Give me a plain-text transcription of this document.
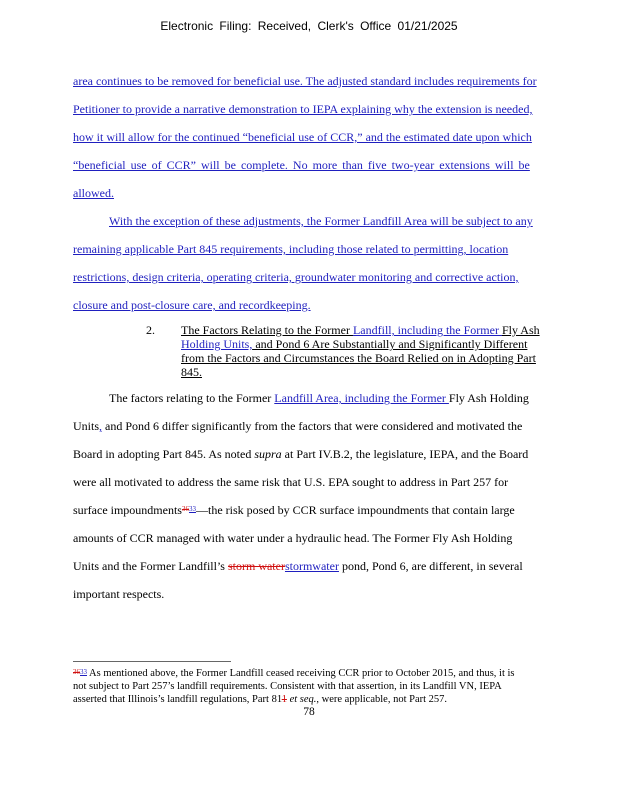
Electronic Filing: Received, Clerk's Office 01/21/2025
area continues to be removed for beneficial use. The adjusted standard includes requirements for
Petitioner to provide a narrative demonstration to IEPA explaining why the extension is needed,
how it will allow for the continued “beneficial use of CCR,” and the estimated date upon which
“beneficial use of CCR” will be complete. No more than five two-year extensions will be
allowed.
With the exception of these adjustments, the Former Landfill Area will be subject to any
remaining applicable Part 845 requirements, including those related to permitting, location
restrictions, design criteria, operating criteria, groundwater monitoring and corrective action,
closure and post-closure care, and recordkeeping.
2. The Factors Relating to the Former Landfill, including the Former Fly Ash
Holding Units, and Pond 6 Are Substantially and Significantly Different
from the Factors and Circumstances the Board Relied on in Adopting Part
845.
The factors relating to the Former Landfill Area, including the Former Fly Ash Holding
Units, and Pond 6 differ significantly from the factors that were considered and motivated the
Board in adopting Part 845. As noted supra at Part IV.B.2, the legislature, IEPA, and the Board
were all motivated to address the same risk that U.S. EPA sought to address in Part 257 for
surface impoundments$^{3633}$—the risk posed by CCR surface impoundments that contain large
amounts of CCR managed with water under a hydraulic head. The Former Fly Ash Holding
Units and the Former Landfill’s storm waterstormwater pond, Pond 6, are different, in several
important respects.
$^{3633}$ As mentioned above, the Former Landfill ceased receiving CCR prior to October 2015, and thus, it is
not subject to Part 257’s landfill requirements. Consistent with that assertion, in its Landfill VN, IEPA
asserted that Illinois’s landfill regulations, Part 811 et seq., were applicable, not Part 257.
78
